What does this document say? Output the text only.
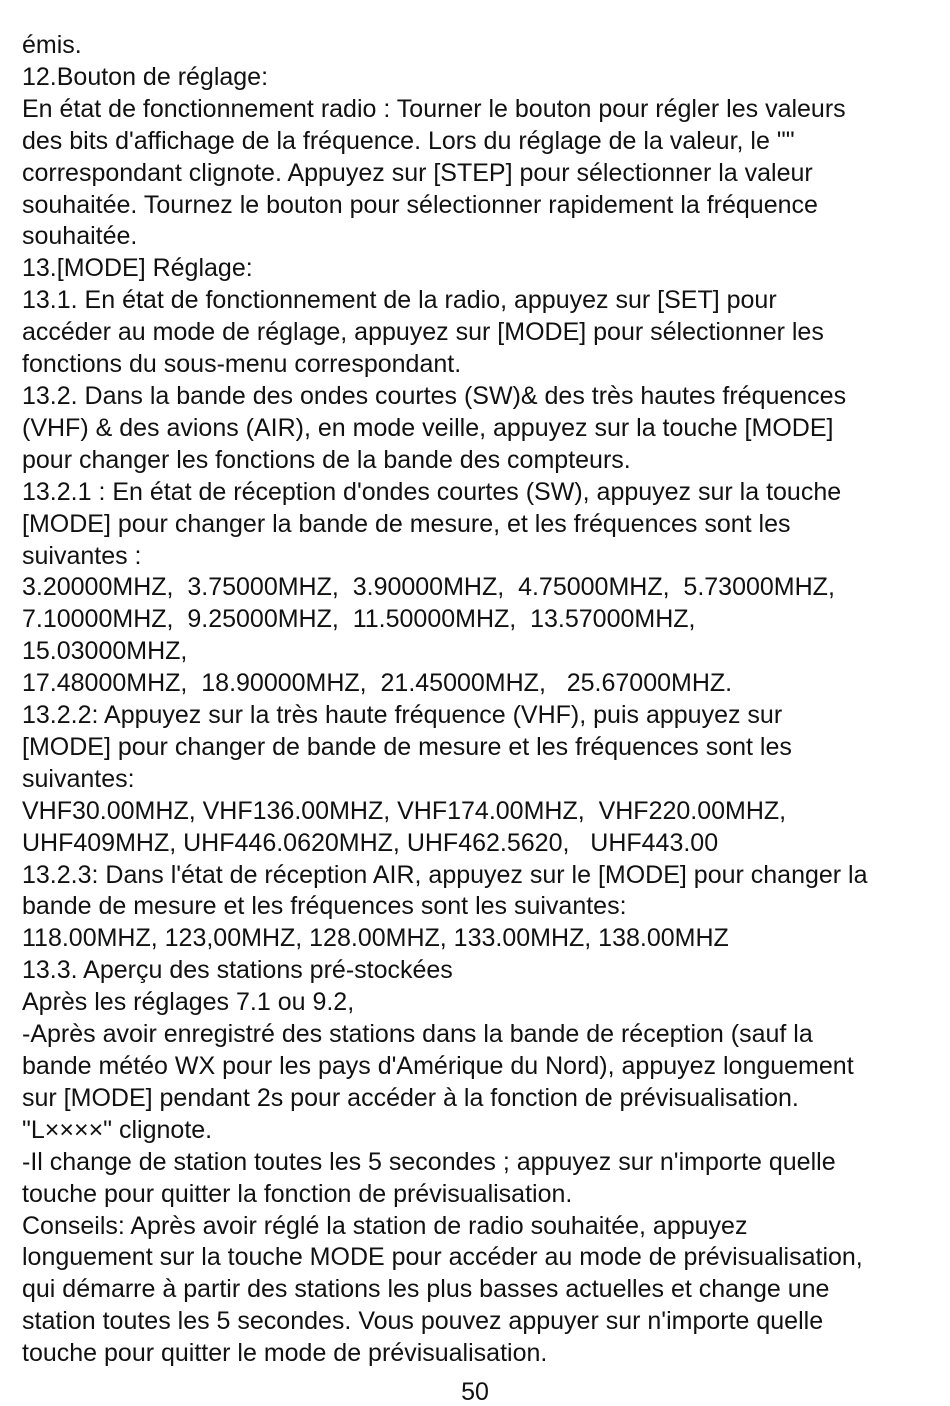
émis.

12.Bouton de réglage:

En état de fonctionnement radio : Tourner le bouton pour régler les valeurs

des bits d'affichage de la fréquence. Lors du réglage de la valeur, le ""

correspondant clignote. Appuyez sur [STEP] pour sélectionner la valeur

souhaitée. Tournez le bouton pour sélectionner rapidement la fréquence

souhaitée.

13.[MODE] Réglage:

13.1. En état de fonctionnement de la radio, appuyez sur [SET] pour

accéder au mode de réglage, appuyez sur [MODE] pour sélectionner les

fonctions du sous-menu correspondant.

13.2. Dans la bande des ondes courtes (SW)& des très hautes fréquences

(VHF) & des avions (AIR), en mode veille, appuyez sur la touche [MODE]

pour changer les fonctions de la bande des compteurs.

13.2.1 : En état de réception d'ondes courtes (SW), appuyez sur la touche

[MODE] pour changer la bande de mesure, et les fréquences sont les

suivantes :

3.20000MHZ,  3.75000MHZ,  3.90000MHZ,  4.75000MHZ,  5.73000MHZ,

7.10000MHZ,  9.25000MHZ,  11.50000MHZ,  13.57000MHZ,

15.03000MHZ,

17.48000MHZ,  18.90000MHZ,  21.45000MHZ,   25.67000MHZ.

13.2.2: Appuyez sur la très haute fréquence (VHF), puis appuyez sur

[MODE] pour changer de bande de mesure et les fréquences sont les

suivantes:

VHF30.00MHZ, VHF136.00MHZ, VHF174.00MHZ,  VHF220.00MHZ,

UHF409MHZ, UHF446.0620MHZ, UHF462.5620,   UHF443.00

13.2.3: Dans l'état de réception AIR, appuyez sur le [MODE] pour changer la

bande de mesure et les fréquences sont les suivantes:

118.00MHZ, 123,00MHZ, 128.00MHZ, 133.00MHZ, 138.00MHZ

13.3. Aperçu des stations pré-stockées

Après les réglages 7.1 ou 9.2,

-Après avoir enregistré des stations dans la bande de réception (sauf la

bande météo WX pour les pays d'Amérique du Nord), appuyez longuement

sur [MODE] pendant 2s pour accéder à la fonction de prévisualisation.

"L××××" clignote.

-Il change de station toutes les 5 secondes ; appuyez sur n'importe quelle

touche pour quitter la fonction de prévisualisation.

Conseils: Après avoir réglé la station de radio souhaitée, appuyez

longuement sur la touche MODE pour accéder au mode de prévisualisation,

qui démarre à partir des stations les plus basses actuelles et change une

station toutes les 5 secondes. Vous pouvez appuyer sur n'importe quelle

touche pour quitter le mode de prévisualisation.

50
